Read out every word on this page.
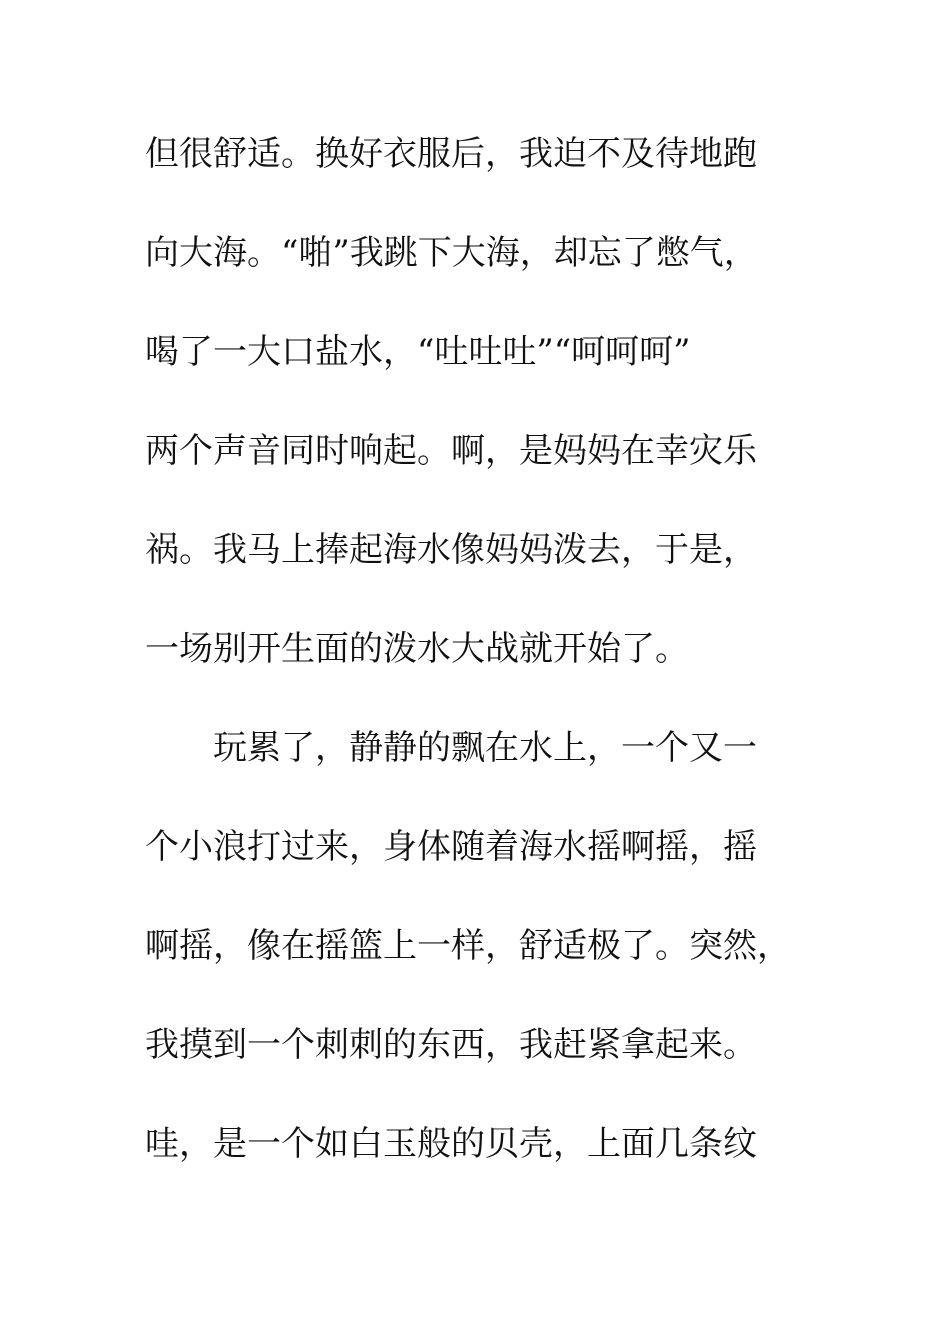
但很舒适。换好衣服后，我迫不及待地跑
向大海。“啪”我跳下大海，却忘了憋气，
喝了一大口盐水，“吐吐吐”“呵呵呵”
两个声音同时响起。啊，是妈妈在幸灾乐
祸。我马上捧起海水像妈妈泼去，于是，
一场别开生面的泼水大战就开始了。
玩累了，静静的飘在水上，一个又一
个小浪打过来，身体随着海水摇啊摇，摇
啊摇，像在摇篮上一样，舒适极了。突然，
我摸到一个刺刺的东西，我赶紧拿起来。
哇，是一个如白玉般的贝壳，上面几条纹
